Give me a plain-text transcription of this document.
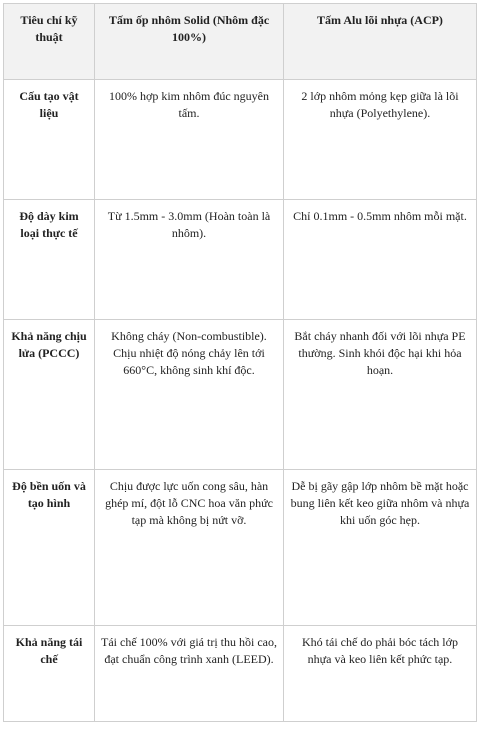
Tiêu chí kỹ thuật	Tấm ốp nhôm Solid (Nhôm đặc 100%)	Tấm Alu lõi nhựa (ACP)
Cấu tạo vật liệu	100% hợp kim nhôm đúc nguyên tấm.	2 lớp nhôm mỏng kẹp giữa là lõi nhựa (Polyethylene).
Độ dày kim loại thực tế	Từ 1.5mm - 3.0mm (Hoàn toàn là nhôm).	Chỉ 0.1mm - 0.5mm nhôm mỗi mặt.
Khả năng chịu lửa (PCCC)	Không cháy (Non-combustible). Chịu nhiệt độ nóng chảy lên tới 660°C, không sinh khí độc.	Bắt cháy nhanh đối với lõi nhựa PE thường. Sinh khói độc hại khi hỏa hoạn.
Độ bền uốn và tạo hình	Chịu được lực uốn cong sâu, hàn ghép mí, đột lỗ CNC hoa văn phức tạp mà không bị nứt vỡ.	Dễ bị gãy gập lớp nhôm bề mặt hoặc bung liên kết keo giữa nhôm và nhựa khi uốn góc hẹp.
Khả năng tái chế	Tái chế 100% với giá trị thu hồi cao, đạt chuẩn công trình xanh (LEED).	Khó tái chế do phải bóc tách lớp nhựa và keo liên kết phức tạp.
